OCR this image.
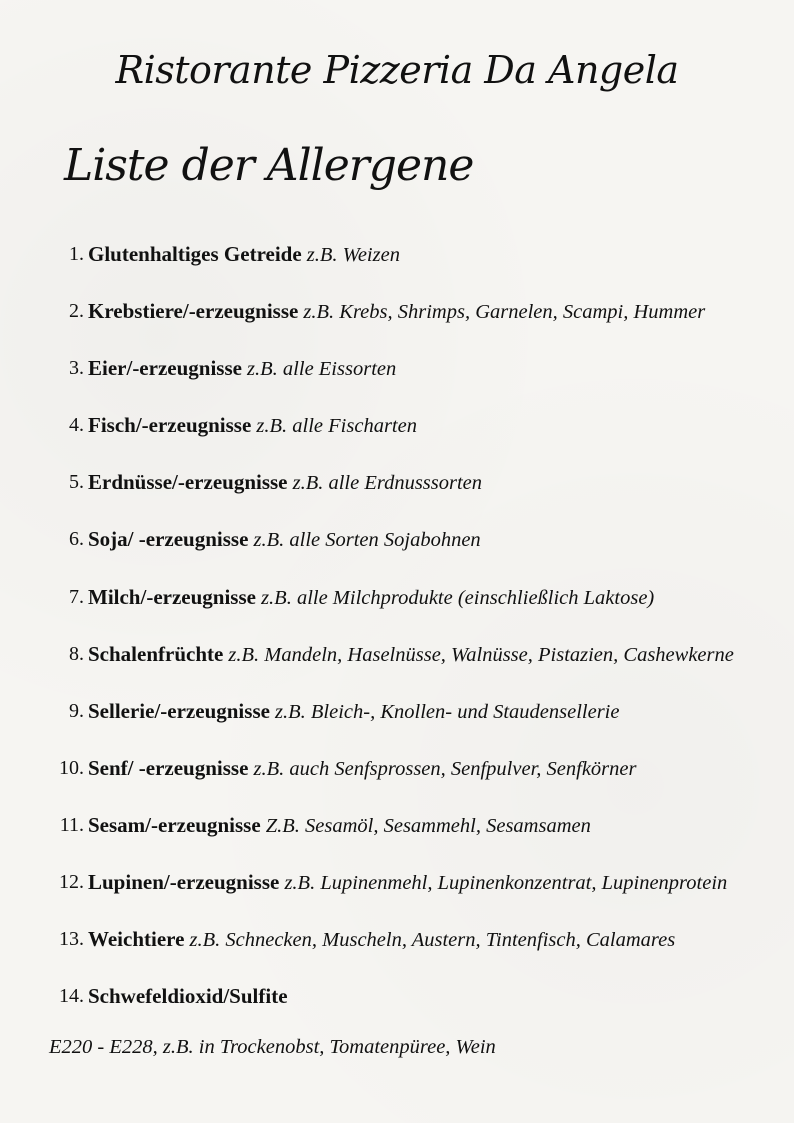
Ristorante Pizzeria Da Angela
Liste der Allergene
1. Glutenhaltiges Getreide z.B. Weizen
2. Krebstiere/-erzeugnisse z.B. Krebs, Shrimps, Garnelen, Scampi, Hummer
3. Eier/-erzeugnisse z.B. alle Eissorten
4. Fisch/-erzeugnisse z.B. alle Fischarten
5. Erdnüsse/-erzeugnisse z.B. alle Erdnusssorten
6. Soja/ -erzeugnisse z.B. alle Sorten Sojabohnen
7. Milch/-erzeugnisse z.B. alle Milchprodukte (einschließlich Laktose)
8. Schalenfrüchte z.B. Mandeln, Haselnüsse, Walnüsse, Pistazien, Cashewkerne
9. Sellerie/-erzeugnisse z.B. Bleich-, Knollen- und Staudensellerie
10. Senf/ -erzeugnisse z.B. auch Senfsprossen, Senfpulver, Senfkörner
11. Sesam/-erzeugnisse Z.B. Sesamöl, Sesammehl, Sesamsamen
12. Lupinen/-erzeugnisse z.B. Lupinenmehl, Lupinenkonzentrat, Lupinenprotein
13. Weichtiere z.B. Schnecken, Muscheln, Austern, Tintenfisch, Calamares
14. Schwefeldioxid/Sulfite
E220 - E228, z.B. in Trockenobst, Tomatenpüree, Wein
